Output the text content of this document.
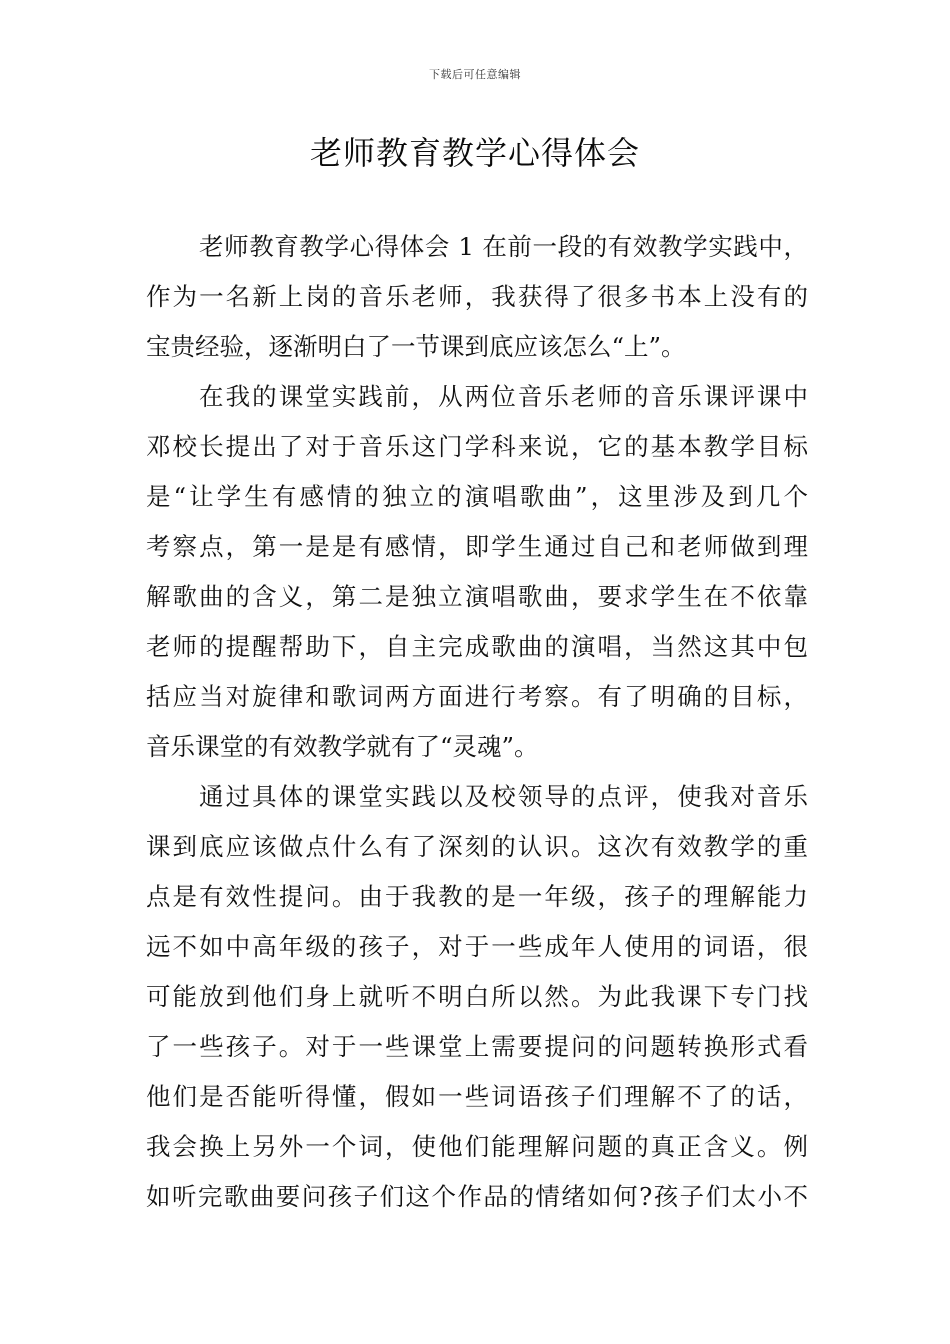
下载后可任意编辑
老师教育教学心得体会
老师教育教学心得体会 1 在前一段的有效教学实践中，
作为一名新上岗的音乐老师，我获得了很多书本上没有的
宝贵经验，逐渐明白了一节课到底应该怎么“上”。
在我的课堂实践前，从两位音乐老师的音乐课评课中
邓校长提出了对于音乐这门学科来说，它的基本教学目标
是“让学生有感情的独立的演唱歌曲”，这里涉及到几个
考察点，第一是是有感情，即学生通过自己和老师做到理
解歌曲的含义，第二是独立演唱歌曲，要求学生在不依靠
老师的提醒帮助下，自主完成歌曲的演唱，当然这其中包
括应当对旋律和歌词两方面进行考察。有了明确的目标，
音乐课堂的有效教学就有了“灵魂”。
通过具体的课堂实践以及校领导的点评，使我对音乐
课到底应该做点什么有了深刻的认识。这次有效教学的重
点是有效性提问。由于我教的是一年级，孩子的理解能力
远不如中高年级的孩子，对于一些成年人使用的词语，很
可能放到他们身上就听不明白所以然。为此我课下专门找
了一些孩子。对于一些课堂上需要提问的问题转换形式看
他们是否能听得懂，假如一些词语孩子们理解不了的话，
我会换上另外一个词，使他们能理解问题的真正含义。例
如听完歌曲要问孩子们这个作品的情绪如何?孩子们太小不
